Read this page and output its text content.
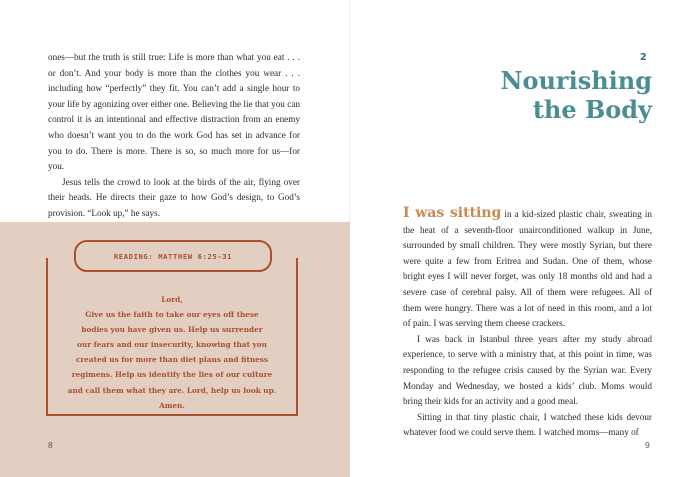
ones—but the truth is still true: Life is more than what you eat . . . or don’t. And your body is more than the clothes you wear . . . including how “perfectly” they fit. You can’t add a single hour to your life by agonizing over either one. Believing the lie that you can control it is an intentional and effective distraction from an enemy who doesn’t want you to do the work God has set in advance for you to do. There is more. There is so, so much more for us—for you.

Jesus tells the crowd to look at the birds of the air, flying over their heads. He directs their gaze to how God’s design, to God’s provision. “Look up,” he says.

READING: MATTHEW 6:25-31
Lord,
Give us the faith to take our eyes off these
bodies you have given us. Help us surrender
our fears and our insecurity, knowing that you
created us for more than diet plans and fitness
regimens. Help us identify the lies of our culture
and call them what they are. Lord, help us look up.
Amen.
8
2
Nourishing
the Body

I was sitting in a kid-sized plastic chair, sweating in the heat of a seventh-floor unairconditioned walkup in June, surrounded by small children. They were mostly Syrian, but there were quite a few from Eritrea and Sudan. One of them, whose bright eyes I will never forget, was only 18 months old and had a severe case of cerebral palsy. All of them were refugees. All of them were hungry. There was a lot of need in this room, and a lot of pain. I was serving them cheese crackers.

I was back in Istanbul three years after my study abroad experience, to serve with a ministry that, at this point in time, was responding to the refugee crisis caused by the Syrian war. Every Monday and Wednesday, we hosted a kids’ club. Moms would bring their kids for an activity and a good meal.

Sitting in that tiny plastic chair, I watched these kids devour whatever food we could serve them. I watched moms—many of

9
